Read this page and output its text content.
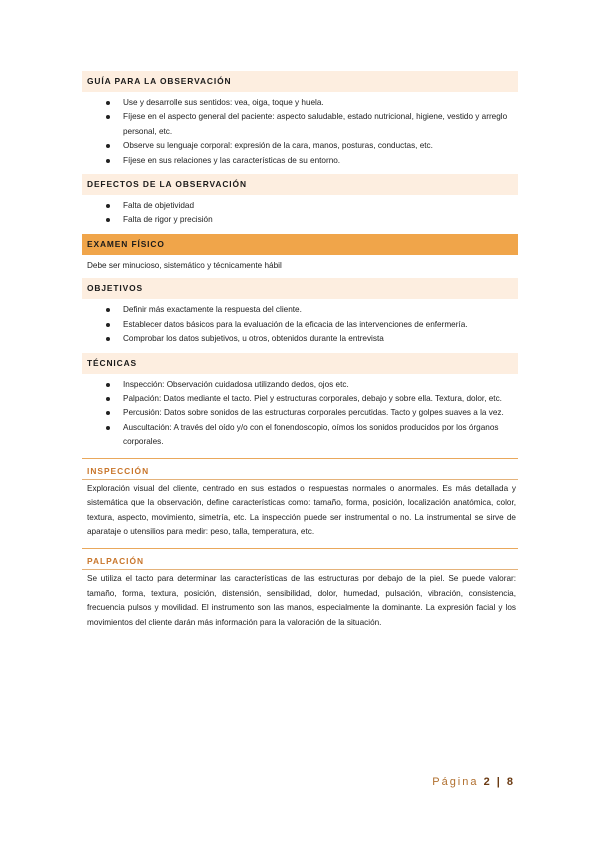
GUÍA PARA LA OBSERVACIÓN
Use y desarrolle sus sentidos: vea, oiga, toque y huela.
Fíjese en el aspecto general del paciente: aspecto saludable, estado nutricional, higiene, vestido y arreglo personal, etc.
Observe su lenguaje corporal: expresión de la cara, manos, posturas, conductas, etc.
Fíjese en sus relaciones y las características de su entorno.
DEFECTOS DE LA OBSERVACIÓN
Falta de objetividad
Falta de rigor y precisión
EXAMEN FÍSICO
Debe ser minucioso, sistemático y técnicamente hábil
OBJETIVOS
Definir más exactamente la respuesta del cliente.
Establecer datos básicos para la evaluación de la eficacia de las intervenciones de enfermería.
Comprobar los datos subjetivos, u otros, obtenidos durante la entrevista
TÉCNICAS
Inspección: Observación cuidadosa utilizando dedos, ojos etc.
Palpación: Datos mediante el tacto. Piel y estructuras corporales, debajo y sobre ella. Textura, dolor, etc.
Percusión: Datos sobre sonidos de las estructuras corporales percutidas. Tacto y golpes suaves a la vez.
Auscultación: A través del oído y/o con el fonendoscopio, oímos los sonidos producidos por los órganos corporales.
INSPECCIÓN
Exploración visual del cliente, centrado en sus estados o respuestas normales o anormales. Es más detallada y sistemática que la observación, define características como: tamaño, forma, posición, localización anatómica, color, textura, aspecto, movimiento, simetría, etc. La inspección puede ser instrumental o no. La instrumental se sirve de aparataje o utensilios para medir: peso, talla, temperatura, etc.
PALPACIÓN
Se utiliza el tacto para determinar las características de las estructuras por debajo de la piel. Se puede valorar: tamaño, forma, textura, posición, distensión, sensibilidad, dolor, humedad, pulsación, vibración, consistencia, frecuencia pulsos y movilidad. El instrumento son las manos, especialmente la dominante. La expresión facial y los movimientos del cliente darán más información para la valoración de la situación.
Página 2 | 8
